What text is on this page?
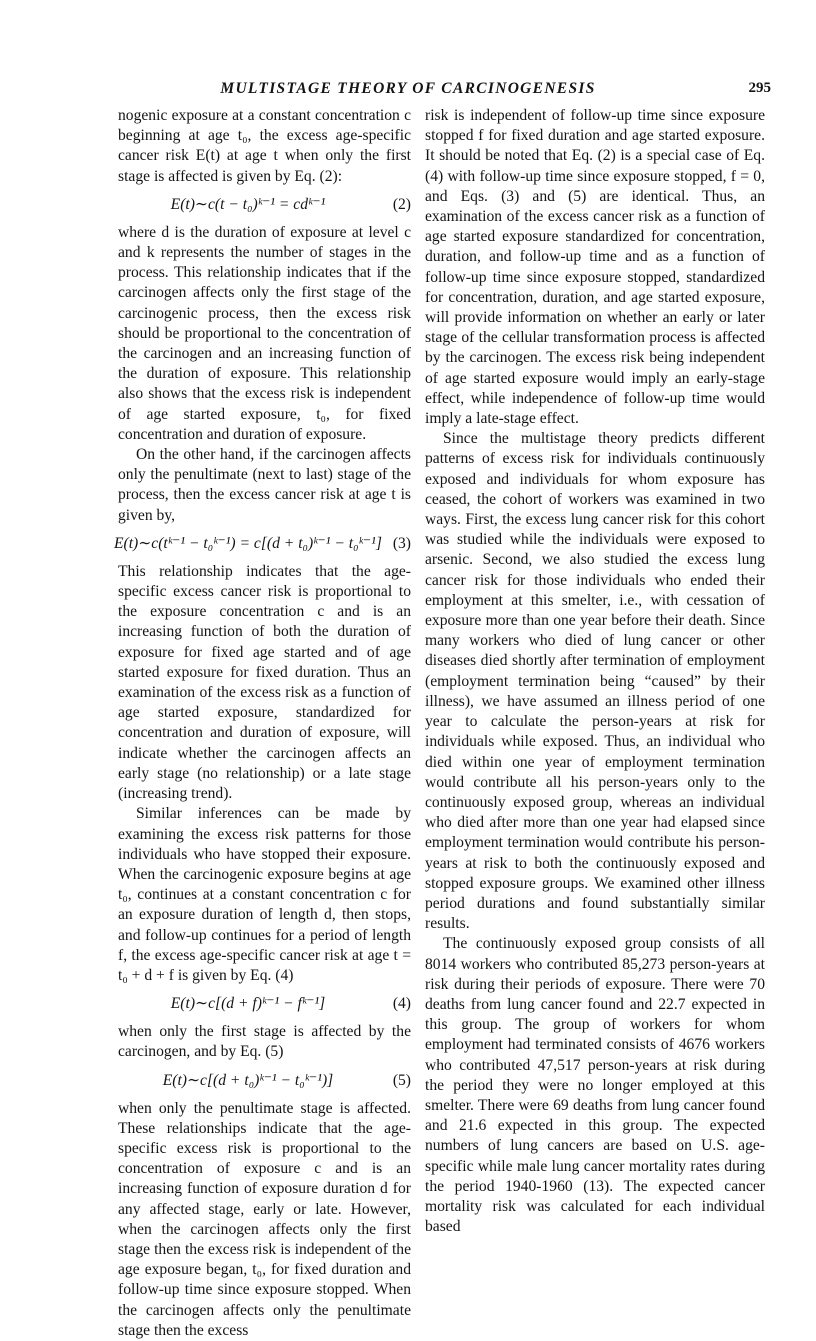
MULTISTAGE THEORY OF CARCINOGENESIS	295

nogenic exposure at a constant concentration c beginning at age t₀, the excess age-specific cancer risk E(t) at age t when only the first stage is affected is given by Eq. (2):

E(t)∼c(t − t₀)ᵏ⁻¹ = cdᵏ⁻¹	(2)

where d is the duration of exposure at level c and k represents the number of stages in the process. This relationship indicates that if the carcinogen affects only the first stage of the carcinogenic process, then the excess risk should be proportional to the concentration of the carcinogen and an increasing function of the duration of exposure. This relationship also shows that the excess risk is independent of age started exposure, t₀, for fixed concentration and duration of exposure.

On the other hand, if the carcinogen affects only the penultimate (next to last) stage of the process, then the excess cancer risk at age t is given by,

E(t)∼c(tᵏ⁻¹ − t₀ᵏ⁻¹) = c[(d + t₀)ᵏ⁻¹ − t₀ᵏ⁻¹] (3)

This relationship indicates that the age-specific excess cancer risk is proportional to the exposure concentration c and is an increasing function of both the duration of exposure for fixed age started and of age started exposure for fixed duration. Thus an examination of the excess risk as a function of age started exposure, standardized for concentration and duration of exposure, will indicate whether the carcinogen affects an early stage (no relationship) or a late stage (increasing trend).

Similar inferences can be made by examining the excess risk patterns for those individuals who have stopped their exposure. When the carcinogenic exposure begins at age t₀, continues at a constant concentration c for an exposure duration of length d, then stops, and follow-up continues for a period of length f, the excess age-specific cancer risk at age t = t₀ + d + f is given by Eq. (4)

E(t)∼c[(d + f)ᵏ⁻¹ − fᵏ⁻¹]	(4)

when only the first stage is affected by the carcinogen, and by Eq. (5)

E(t)∼c[(d + t₀)ᵏ⁻¹ − t₀ᵏ⁻¹)]	(5)

when only the penultimate stage is affected. These relationships indicate that the age-specific excess risk is proportional to the concentration of exposure c and is an increasing function of exposure duration d for any affected stage, early or late. However, when the carcinogen affects only the first stage then the excess risk is independent of the age exposure began, t₀, for fixed duration and follow-up time since exposure stopped. When the carcinogen affects only the penultimate stage then the excess

risk is independent of follow-up time since exposure stopped f for fixed duration and age started exposure. It should be noted that Eq. (2) is a special case of Eq. (4) with follow-up time since exposure stopped, f = 0, and Eqs. (3) and (5) are identical. Thus, an examination of the excess cancer risk as a function of age started exposure standardized for concentration, duration, and follow-up time and as a function of follow-up time since exposure stopped, standardized for concentration, duration, and age started exposure, will provide information on whether an early or later stage of the cellular transformation process is affected by the carcinogen. The excess risk being independent of age started exposure would imply an early-stage effect, while independence of follow-up time would imply a late-stage effect.

Since the multistage theory predicts different patterns of excess risk for individuals continuously exposed and individuals for whom exposure has ceased, the cohort of workers was examined in two ways. First, the excess lung cancer risk for this cohort was studied while the individuals were exposed to arsenic. Second, we also studied the excess lung cancer risk for those individuals who ended their employment at this smelter, i.e., with cessation of exposure more than one year before their death. Since many workers who died of lung cancer or other diseases died shortly after termination of employment (employment termination being “caused” by their illness), we have assumed an illness period of one year to calculate the person-years at risk for individuals while exposed. Thus, an individual who died within one year of employment termination would contribute all his person-years only to the continuously exposed group, whereas an individual who died after more than one year had elapsed since employment termination would contribute his person-years at risk to both the continuously exposed and stopped exposure groups. We examined other illness period durations and found substantially similar results.

The continuously exposed group consists of all 8014 workers who contributed 85,273 person-years at risk during their periods of exposure. There were 70 deaths from lung cancer found and 22.7 expected in this group. The group of workers for whom employment had terminated consists of 4676 workers who contributed 47,517 person-years at risk during the period they were no longer employed at this smelter. There were 69 deaths from lung cancer found and 21.6 expected in this group. The expected numbers of lung cancers are based on U.S. age-specific while male lung cancer mortality rates during the period 1940-1960 (13). The expected cancer mortality risk was calculated for each individual based
